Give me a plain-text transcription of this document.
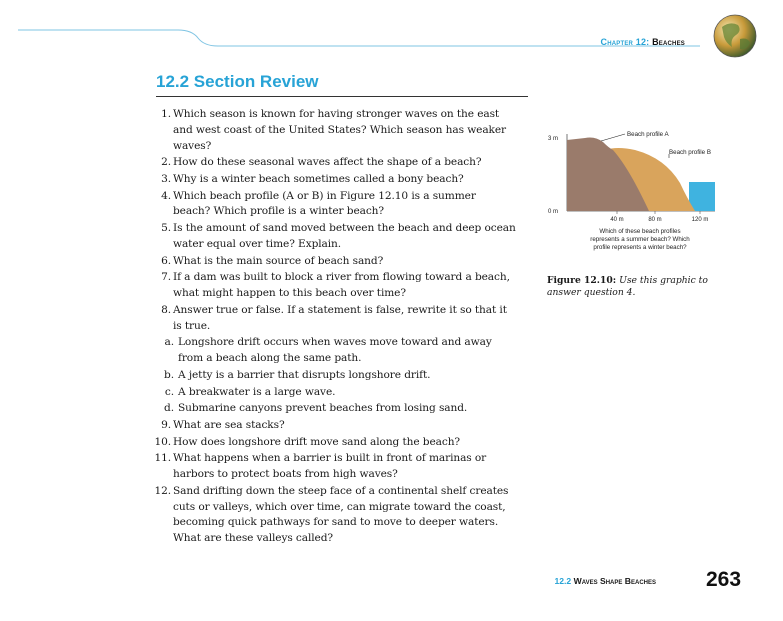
Chapter 12: Beaches
12.2 Section Review
1. Which season is known for having stronger waves on the east
and west coast of the United States? Which season has weaker
waves?
2. How do these seasonal waves affect the shape of a beach?
3. Why is a winter beach sometimes called a bony beach?
4. Which beach profile (A or B) in Figure 12.10 is a summer
beach? Which profile is a winter beach?
5. Is the amount of sand moved between the beach and deep ocean
water equal over time? Explain.
6. What is the main source of beach sand?
7. If a dam was built to block a river from flowing toward a beach,
what might happen to this beach over time?
8. Answer true or false. If a statement is false, rewrite it so that it
is true.
a. Longshore drift occurs when waves move toward and away
from a beach along the same path.
b. A jetty is a barrier that disrupts longshore drift.
c. A breakwater is a large wave.
d. Submarine canyons prevent beaches from losing sand.
9. What are sea stacks?
10. How does longshore drift move sand along the beach?
11. What happens when a barrier is built in front of marinas or
harbors to protect boats from high waves?
12. Sand drifting down the steep face of a continental shelf creates
cuts or valleys, which over time, can migrate toward the coast,
becoming quick pathways for sand to move to deeper waters.
What are these valleys called?
3 m
0 m
Beach profile A
Beach profile B
40 m	80 m	120 m
Which of these beach profiles
represents a summer beach? Which
profile represents a winter beach?
Figure 12.10: Use this graphic to answer question 4.
12.2 Waves Shape Beaches 263
